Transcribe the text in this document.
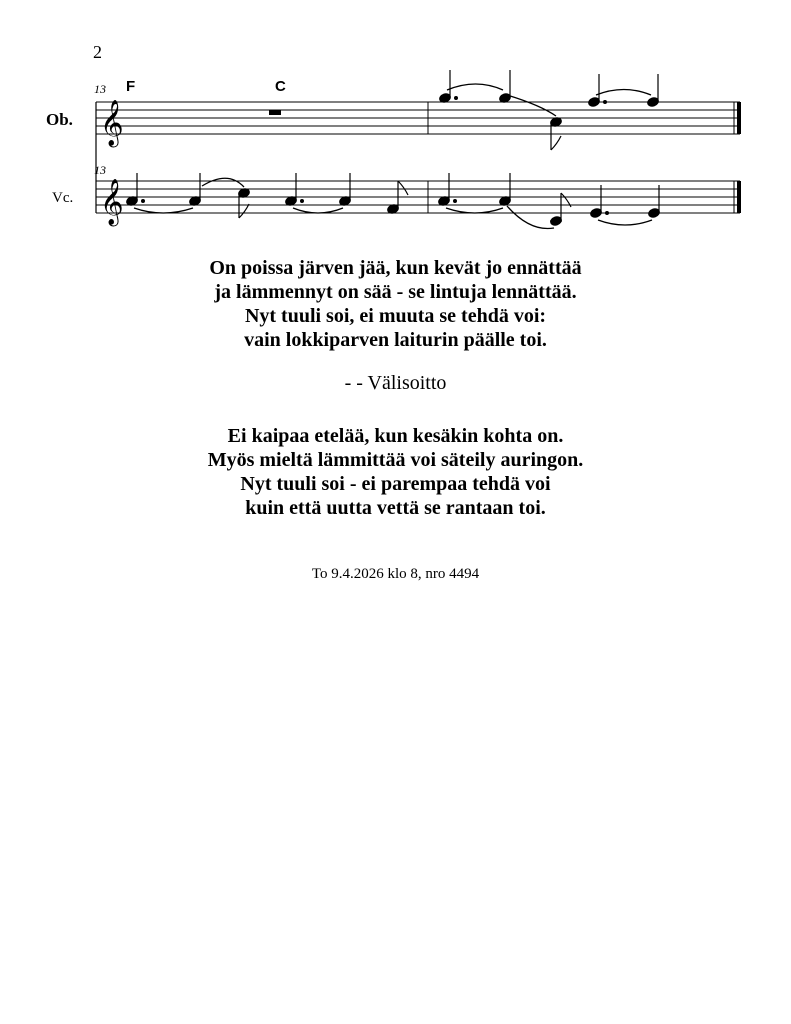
2
Ob.
Vc.
13
13
F	C
𝄞
𝄞

On poissa järven jää, kun kevät jo ennättää

ja lämmennyt on sää - se lintuja lennättää.

Nyt tuuli soi, ei muuta se tehdä voi:

vain lokkiparven laiturin päälle toi.

- - Välisoitto

Ei kaipaa etelää, kun kesäkin kohta on.

Myös mieltä lämmittää voi säteily auringon.

Nyt tuuli soi - ei parempaa tehdä voi

kuin että uutta vettä se rantaan toi.

To 9.4.2026 klo 8, nro 4494
